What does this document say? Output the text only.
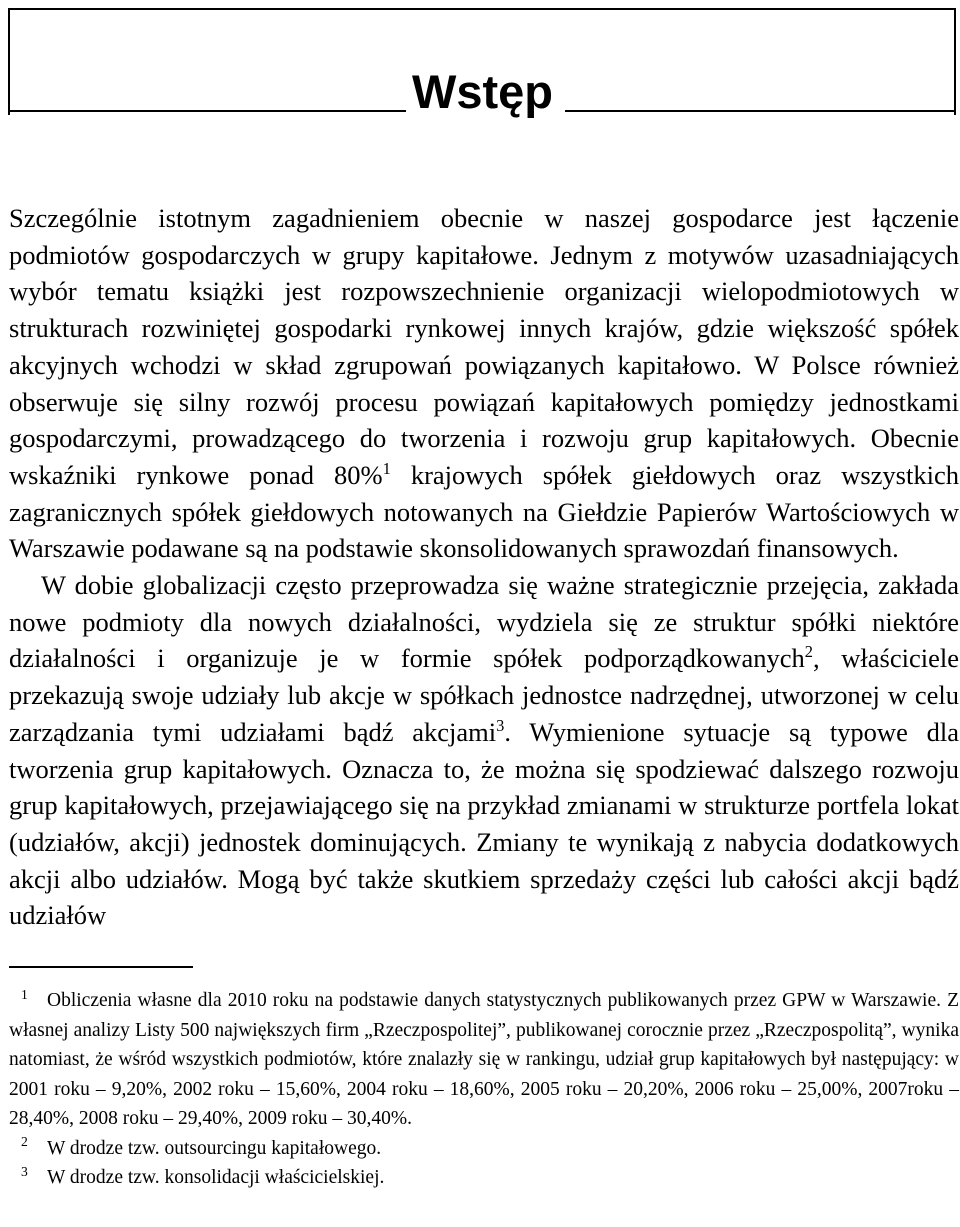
Wstęp

Szczególnie istotnym zagadnieniem obecnie w naszej gospodarce jest łączenie podmiotów gospodarczych w grupy kapitałowe. Jednym z motywów uzasadniających wybór tematu książki jest rozpowszechnienie organizacji wielopodmiotowych w strukturach rozwiniętej gospodarki rynkowej innych krajów, gdzie większość spółek akcyjnych wchodzi w skład zgrupowań powiązanych kapitałowo. W Polsce również obserwuje się silny rozwój procesu powiązań kapitałowych pomiędzy jednostkami gospodarczymi, prowadzącego do tworzenia i rozwoju grup kapitałowych. Obecnie wskaźniki rynkowe ponad 80%$^1$ krajowych spółek giełdowych oraz wszystkich zagranicznych spółek giełdowych notowanych na Giełdzie Papierów Wartościowych w Warszawie podawane są na podstawie skonsolidowanych sprawozdań finansowych.

W dobie globalizacji często przeprowadza się ważne strategicznie przejęcia, zakłada nowe podmioty dla nowych działalności, wydziela się ze struktur spółki niektóre działalności i organizuje je w formie spółek podporządkowanych$^2$, właściciele przekazują swoje udziały lub akcje w spółkach jednostce nadrzędnej, utworzonej w celu zarządzania tymi udziałami bądź akcjami$^3$. Wymienione sytuacje są typowe dla tworzenia grup kapitałowych. Oznacza to, że można się spodziewać dalszego rozwoju grup kapitałowych, przejawiającego się na przykład zmianami w strukturze portfela lokat (udziałów, akcji) jednostek dominujących. Zmiany te wynikają z nabycia dodatkowych akcji albo udziałów. Mogą być także skutkiem sprzedaży części lub całości akcji bądź udziałów

1 Obliczenia własne dla 2010 roku na podstawie danych statystycznych publikowanych przez GPW w Warszawie. Z własnej analizy Listy 500 największych firm „Rzeczpospolitej”, publikowanej corocznie przez „Rzeczpospolitą”, wynika natomiast, że wśród wszystkich podmiotów, które znalazły się w rankingu, udział grup kapitałowych był następujący: w 2001 roku – 9,20%, 2002 roku – 15,60%, 2004 roku – 18,60%, 2005 roku – 20,20%, 2006 roku – 25,00%, 2007roku – 28,40%, 2008 roku – 29,40%, 2009 roku – 30,40%.

2 W drodze tzw. outsourcingu kapitałowego.

3 W drodze tzw. konsolidacji właścicielskiej.
